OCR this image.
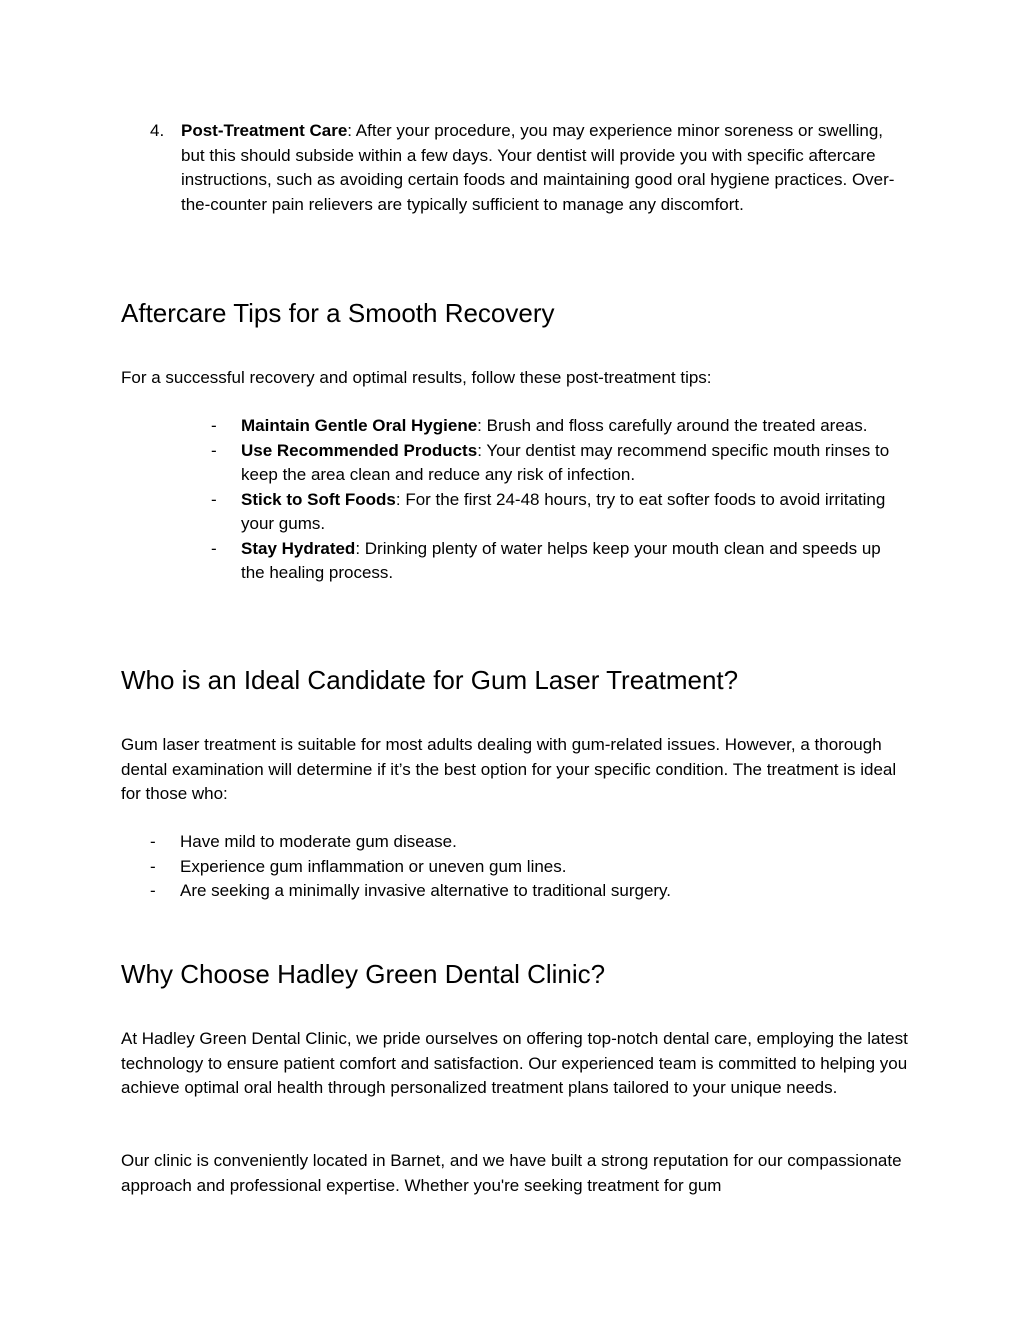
4. Post-Treatment Care: After your procedure, you may experience minor soreness or swelling, but this should subside within a few days. Your dentist will provide you with specific aftercare instructions, such as avoiding certain foods and maintaining good oral hygiene practices. Over-the-counter pain relievers are typically sufficient to manage any discomfort.
Aftercare Tips for a Smooth Recovery

For a successful recovery and optimal results, follow these post-treatment tips:

- Maintain Gentle Oral Hygiene: Brush and floss carefully around the treated areas.
- Use Recommended Products: Your dentist may recommend specific mouth rinses to keep the area clean and reduce any risk of infection.
- Stick to Soft Foods: For the first 24-48 hours, try to eat softer foods to avoid irritating your gums.
- Stay Hydrated: Drinking plenty of water helps keep your mouth clean and speeds up the healing process.
Who is an Ideal Candidate for Gum Laser Treatment?

Gum laser treatment is suitable for most adults dealing with gum-related issues. However, a thorough dental examination will determine if it’s the best option for your specific condition. The treatment is ideal for those who:

- Have mild to moderate gum disease.
- Experience gum inflammation or uneven gum lines.
- Are seeking a minimally invasive alternative to traditional surgery.
Why Choose Hadley Green Dental Clinic?

At Hadley Green Dental Clinic, we pride ourselves on offering top-notch dental care, employing the latest technology to ensure patient comfort and satisfaction. Our experienced team is committed to helping you achieve optimal oral health through personalized treatment plans tailored to your unique needs.

Our clinic is conveniently located in Barnet, and we have built a strong reputation for our compassionate approach and professional expertise. Whether you're seeking treatment for gum
